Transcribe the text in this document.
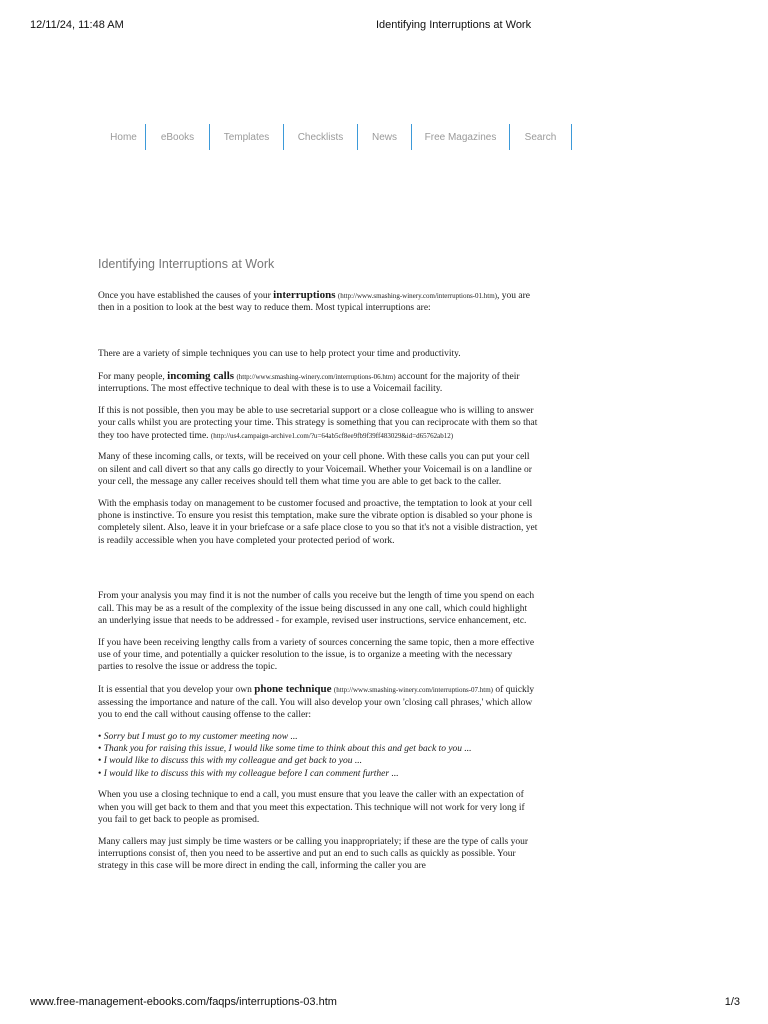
12/11/24, 11:48 AM	Identifying Interruptions at Work
Home	eBooks	Templates	Checklists	News	Free Magazines	Search
Identifying Interruptions at Work

Once you have established the causes of your interruptions (http://www.smashing-winery.com/interruptions-01.htm), you are then in a position to look at the best way to reduce them. Most typical interruptions are:

There are a variety of simple techniques you can use to help protect your time and productivity.

For many people, incoming calls (http://www.smashing-winery.com/interruptions-06.htm) account for the majority of their interruptions. The most effective technique to deal with these is to use a Voicemail facility.

If this is not possible, then you may be able to use secretarial support or a close colleague who is willing to answer your calls whilst you are protecting your time. This strategy is something that you can reciprocate with them so that they too have protected time. (http://us4.campaign-archive1.com/?u=64ab5cf8ee9fb9f39ff483029&id=d65762ab12)

Many of these incoming calls, or texts, will be received on your cell phone. With these calls you can put your cell on silent and call divert so that any calls go directly to your Voicemail. Whether your Voicemail is on a landline or your cell, the message any caller receives should tell them what time you are able to get back to the caller.

With the emphasis today on management to be customer focused and proactive, the temptation to look at your cell phone is instinctive. To ensure you resist this temptation, make sure the vibrate option is disabled so your phone is completely silent. Also, leave it in your briefcase or a safe place close to you so that it's not a visible distraction, yet is readily accessible when you have completed your protected period of work.

From your analysis you may find it is not the number of calls you receive but the length of time you spend on each call. This may be as a result of the complexity of the issue being discussed in any one call, which could highlight an underlying issue that needs to be addressed - for example, revised user instructions, service enhancement, etc.

If you have been receiving lengthy calls from a variety of sources concerning the same topic, then a more effective use of your time, and potentially a quicker resolution to the issue, is to organize a meeting with the necessary parties to resolve the issue or address the topic.

It is essential that you develop your own phone technique (http://www.smashing-winery.com/interruptions-07.htm) of quickly assessing the importance and nature of the call. You will also develop your own 'closing call phrases,' which allow you to end the call without causing offense to the caller:

• Sorry but I must go to my customer meeting now ...
• Thank you for raising this issue, I would like some time to think about this and get back to you ...
• I would like to discuss this with my colleague and get back to you ...
• I would like to discuss this with my colleague before I can comment further ...

When you use a closing technique to end a call, you must ensure that you leave the caller with an expectation of when you will get back to them and that you meet this expectation. This technique will not work for very long if you fail to get back to people as promised.

Many callers may just simply be time wasters or be calling you inappropriately; if these are the type of calls your interruptions consist of, then you need to be assertive and put an end to such calls as quickly as possible. Your strategy in this case will be more direct in ending the call, informing the caller you are

www.free-management-ebooks.com/faqps/interruptions-03.htm	1/3
